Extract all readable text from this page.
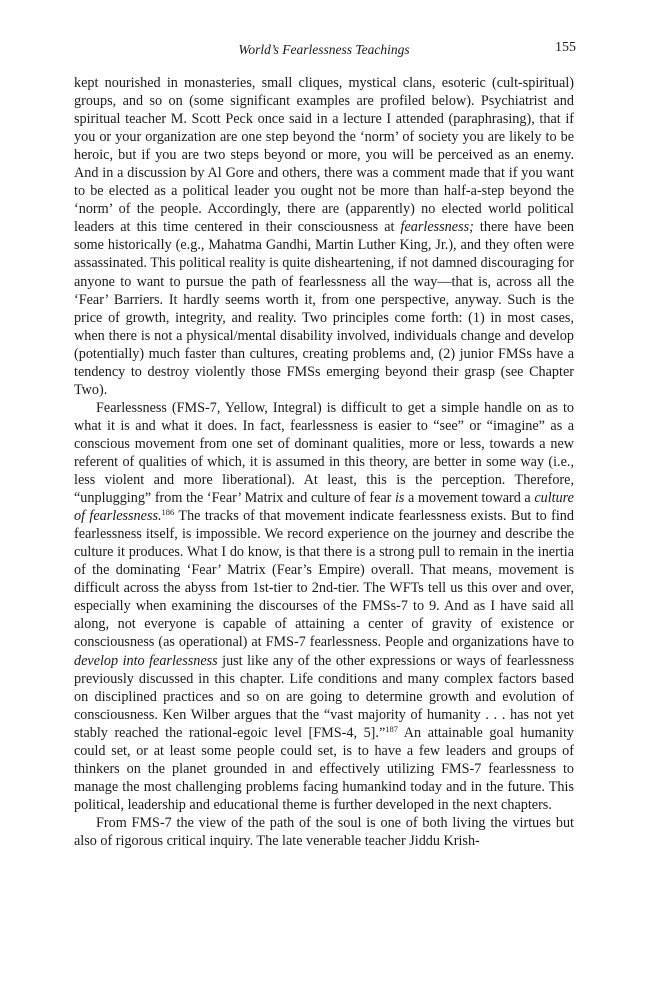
World’s Fearlessness Teachings	155

kept nourished in monasteries, small cliques, mystical clans, esoteric (cult-spiritual) groups, and so on (some significant examples are profiled below). Psychiatrist and spiritual teacher M. Scott Peck once said in a lecture I attended (paraphrasing), that if you or your organization are one step beyond the ‘norm’ of society you are likely to be heroic, but if you are two steps beyond or more, you will be perceived as an enemy. And in a discussion by Al Gore and others, there was a comment made that if you want to be elected as a political leader you ought not be more than half-a-step beyond the ‘norm’ of the people. Accordingly, there are (apparently) no elected world political leaders at this time centered in their consciousness at fearlessness; there have been some historically (e.g., Mahatma Gandhi, Martin Luther King, Jr.), and they often were assassinated. This political reality is quite disheartening, if not damned discouraging for anyone to want to pursue the path of fearlessness all the way—that is, across all the ‘Fear’ Barriers. It hardly seems worth it, from one perspective, anyway. Such is the price of growth, integrity, and reality. Two principles come forth: (1) in most cases, when there is not a physical/mental disability involved, individuals change and develop (potentially) much faster than cultures, creating problems and, (2) junior FMSs have a tendency to destroy violently those FMSs emerging beyond their grasp (see Chapter Two).

Fearlessness (FMS-7, Yellow, Integral) is difficult to get a simple handle on as to what it is and what it does. In fact, fearlessness is easier to “see” or “imagine” as a conscious movement from one set of dominant qualities, more or less, towards a new referent of qualities of which, it is assumed in this theory, are better in some way (i.e., less violent and more liberational). At least, this is the perception. Therefore, “unplugging” from the ‘Fear’ Matrix and culture of fear is a movement toward a culture of fearlessness.$^{186}$ The tracks of that movement indicate fearlessness exists. But to find fearlessness itself, is impossible. We record experience on the journey and describe the culture it produces. What I do know, is that there is a strong pull to remain in the inertia of the dominating ‘Fear’ Matrix (Fear’s Empire) overall. That means, movement is difficult across the abyss from 1st-tier to 2nd-tier. The WFTs tell us this over and over, especially when examining the discourses of the FMSs-7 to 9. And as I have said all along, not everyone is capable of attaining a center of gravity of existence or consciousness (as operational) at FMS-7 fearlessness. People and organizations have to develop into fearlessness just like any of the other expressions or ways of fearlessness previously discussed in this chapter. Life conditions and many complex factors based on disciplined practices and so on are going to determine growth and evolution of consciousness. Ken Wilber argues that the “vast majority of humanity . . . has not yet stably reached the rational-egoic level [FMS-4, 5].”$^{187}$ An attainable goal humanity could set, or at least some people could set, is to have a few leaders and groups of thinkers on the planet grounded in and effectively utilizing FMS-7 fearlessness to manage the most challenging problems facing humankind today and in the future. This political, leadership and educational theme is further developed in the next chapters.

From FMS-7 the view of the path of the soul is one of both living the virtues but also of rigorous critical inquiry. The late venerable teacher Jiddu Krish-
